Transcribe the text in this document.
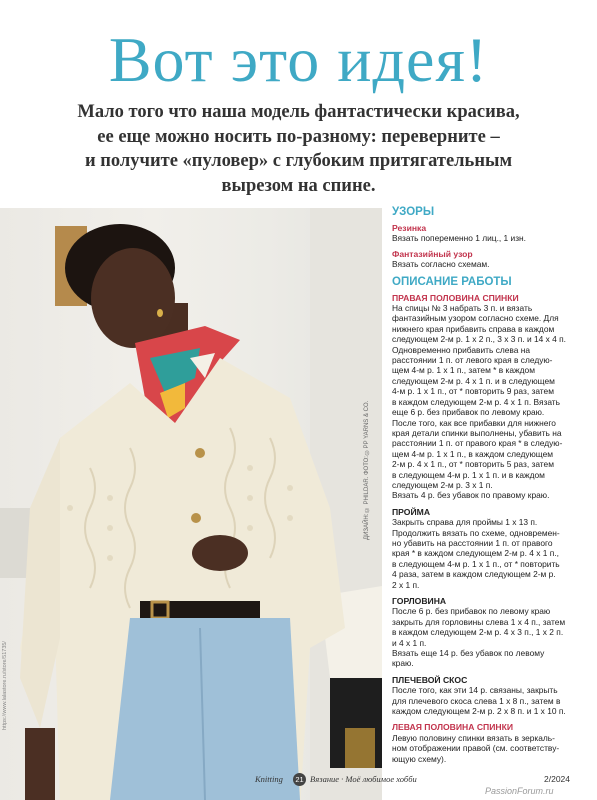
Вот это идея!
Мало того что наша модель фантастически красива,
ее еще можно носить по-разному: переверните –
и получите «пуловер» с глубоким притягательным
вырезом на спине.
ДИЗАЙН: © PHILDAR. ФОТО: ©PP YARNS & CO.
https://www.lalastore.ru/store/51735/
УЗОРЫ
Резинка

Вязать попеременно 1 лиц., 1 изн.

Фантазийный узор

Вязать согласно схемам.

ОПИСАНИЕ РАБОТЫ
ПРАВАЯ ПОЛОВИНА СПИНКИ
На спицы № 3 набрать 3 п. и вязать
фантазийным узором согласно схеме. Для
нижнего края прибавить справа в каждом
следующем 2-м р. 1 х 2 п., 3 х 3 п. и 14 х 4 п.
Одновременно прибавить слева на
расстоянии 1 п. от левого края в следую-
щем 4-м р. 1 х 1 п., затем * в каждом
следующем 2-м р. 4 х 1 п. и в следующем
4-м р. 1 х 1 п., от * повторить 9 раз, затем
в каждом следующем 2-м р. 4 х 1 п. Вязать
еще 6 р. без прибавок по левому краю.
После того, как все прибавки для нижнего
края детали спинки выполнены, убавить на
расстоянии 1 п. от правого края * в следую-
щем 4-м р. 1 х 1 п., в каждом следующем
2-м р. 4 х 1 п., от * повторить 5 раз, затем
в следующем 4-м р. 1 х 1 п. и в каждом
следующем 2-м р. 3 х 1 п.
Вязать 4 р. без убавок по правому краю.
ПРОЙМА
Закрыть справа для проймы 1 х 13 п.
Продолжить вязать по схеме, одновремен-
но убавить на расстоянии 1 п. от правого
края * в каждом следующем 2-м р. 4 х 1 п.,
в следующем 4-м р. 1 х 1 п., от * повторить
4 раза, затем в каждом следующем 2-м р.
2 х 1 п.
ГОРЛОВИНА
После 6 р. без прибавок по левому краю
закрыть для горловины слева 1 х 4 п., затем
в каждом следующем 2-м р. 4 х 3 п., 1 х 2 п.
и 4 х 1 п.
Вязать еще 14 р. без убавок по левому
краю.
ПЛЕЧЕВОЙ СКОС
После того, как эти 14 р. связаны, закрыть
для плечевого скоса слева 1 х 8 п., затем в
каждом следующем 2-м р. 2 х 8 п. и 1 х 10 п.
ЛЕВАЯ ПОЛОВИНА СПИНКИ
Левую половину спинки вязать в зеркаль-
ном отображении правой (см. соответству-
ющую схему).
Knitting	21 Вязание · Моё любимое хобби	2/2024
PassionForum.ru
